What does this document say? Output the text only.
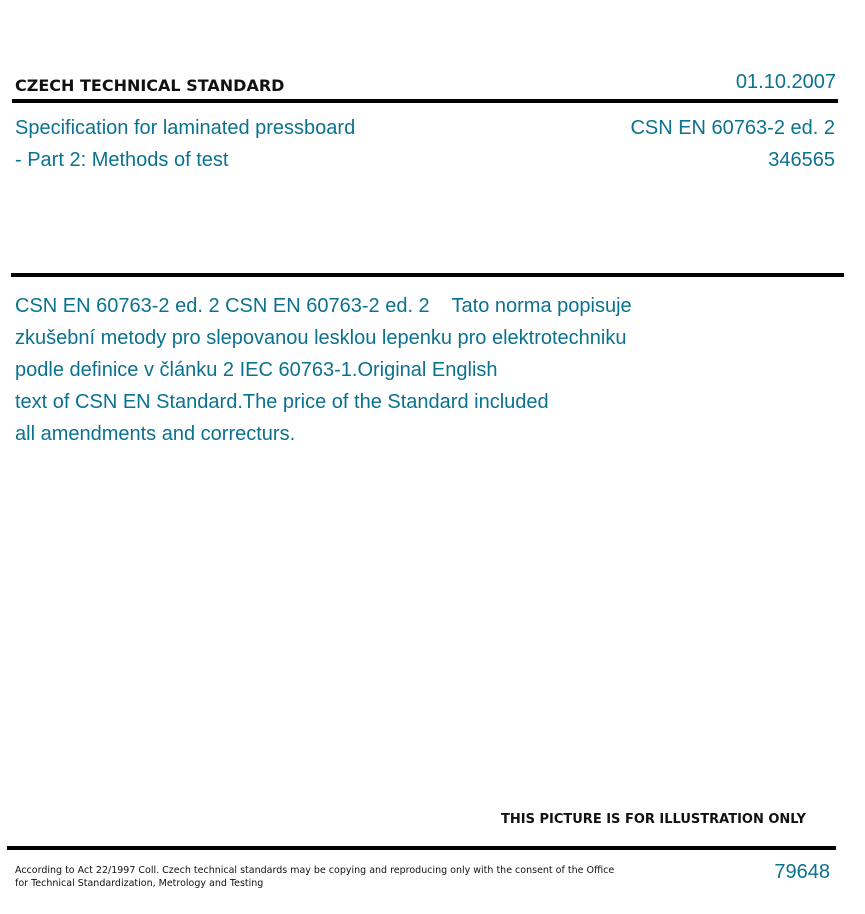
CZECH TECHNICAL STANDARD	01.10.2007
Specification for laminated pressboard
- Part 2: Methods of test
CSN EN 60763-2 ed. 2
346565
CSN EN 60763-2 ed. 2 CSN EN 60763-2 ed. 2    Tato norma popisuje
zkušební metody pro slepovanou lesklou lepenku pro elektrotechniku
podle definice v článku 2 IEC 60763-1.Original English
text of CSN EN Standard.The price of the Standard included
all amendments and correcturs.
THIS PICTURE IS FOR ILLUSTRATION ONLY
According to Act 22/1997 Coll. Czech technical standards may be copying and reproducing only with the consent of the Office
for Technical Standardization, Metrology and Testing
79648
